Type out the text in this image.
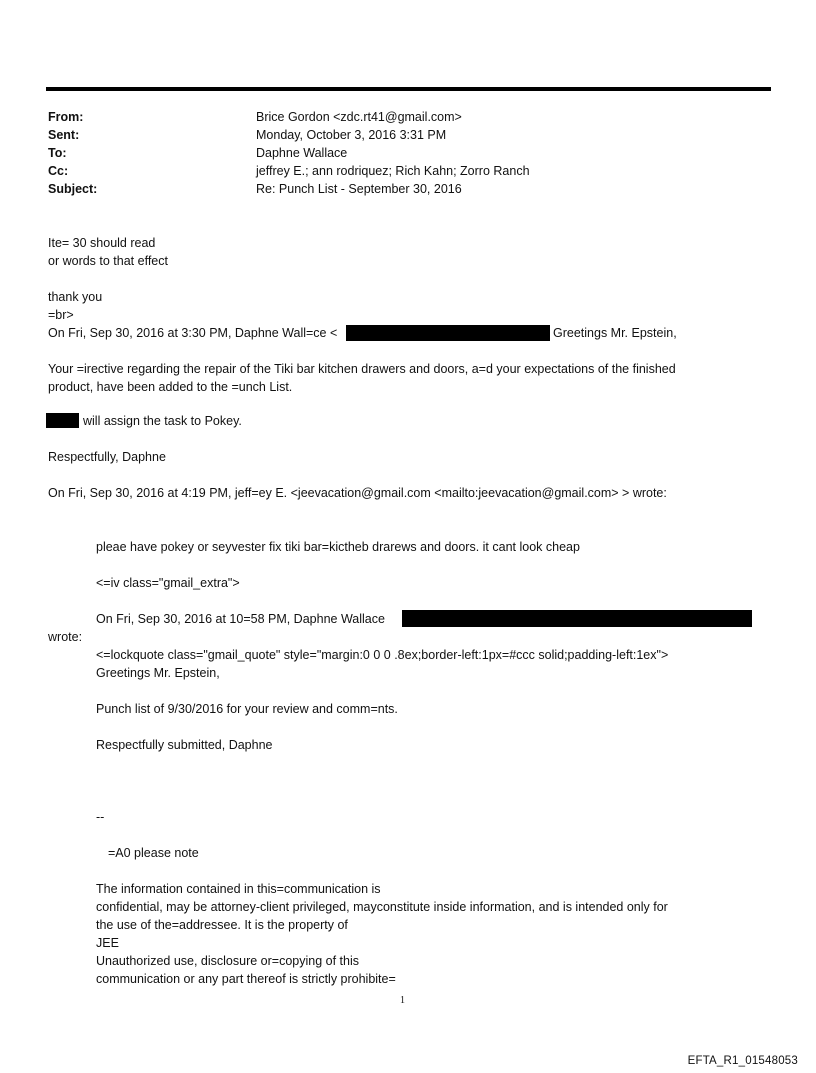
From:	Brice Gordon <zdc.rt41@gmail.com>
Sent:	Monday, October 3, 2016 3:31 PM
To:	Daphne Wallace
Cc:	jeffrey E.; ann rodriquez; Rich Kahn; Zorro Ranch
Subject:	Re: Punch List - September 30, 2016
Ite= 30 should read
or words to that effect
thank you
=br>
On Fri, Sep 30, 2016 at 3:30 PM, Daphne Wall=ce <	Greetings Mr. Epstein,
Your =irective regarding the repair of the Tiki bar kitchen drawers and doors, a=d your expectations of the finished
product, have been added to the =unch List.
will assign the task to Pokey.
Respectfully, Daphne
On Fri, Sep 30, 2016 at 4:19 PM, jeff=ey E. <jeevacation@gmail.com <mailto:jeevacation@gmail.com> > wrote:
pleae have pokey or seyvester fix tiki bar=kictheb drarews and doors. it cant look cheap
<=iv class="gmail_extra">
On Fri, Sep 30, 2016 at 10=58 PM, Daphne Wallace
wrote:
<=lockquote class="gmail_quote" style="margin:0 0 0 .8ex;border-left:1px=#ccc solid;padding-left:1ex">
Greetings Mr. Epstein,
Punch list of 9/30/2016 for your review and comm=nts.
Respectfully submitted, Daphne
--
=A0 please note
The information contained in this=communication is
confidential, may be attorney-client privileged, mayconstitute inside information, and is intended only for
the use of the=addressee. It is the property of
JEE
Unauthorized use, disclosure or=copying of this
communication or any part thereof is strictly prohibite=
1
EFTA_R1_01548053
